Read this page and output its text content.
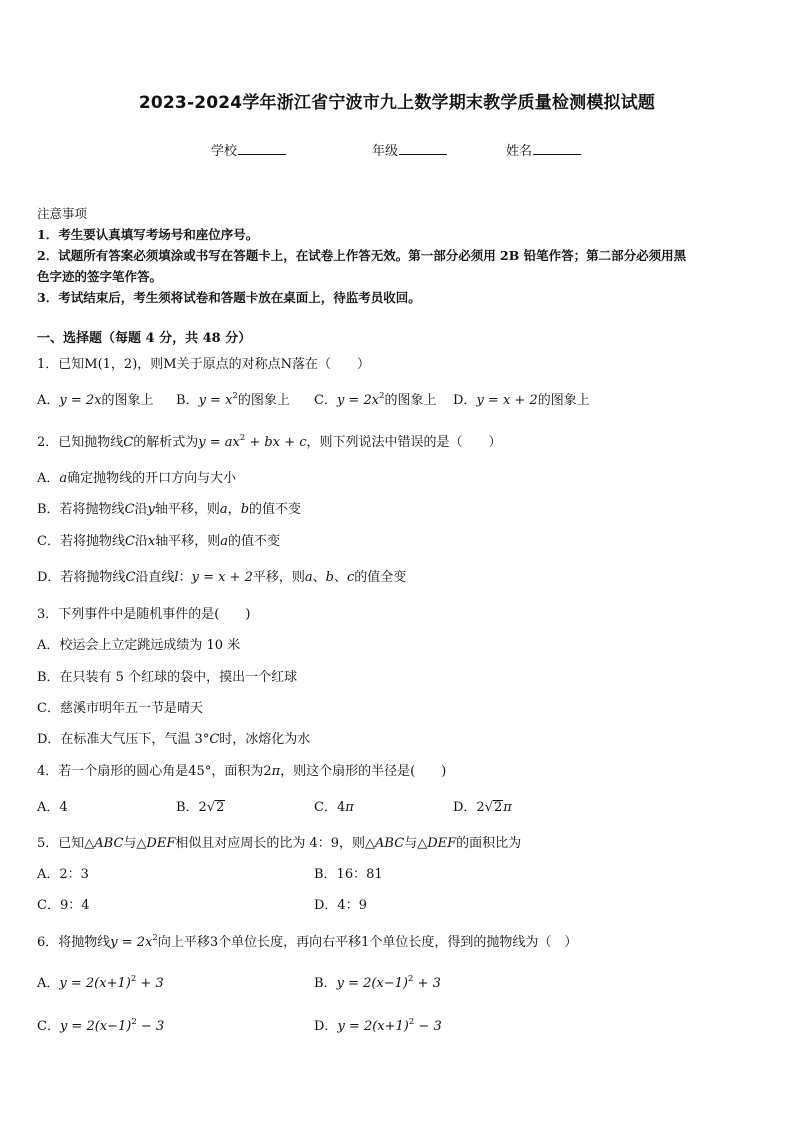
2023-2024学年浙江省宁波市九上数学期末教学质量检测模拟试题
学校	年级	姓名
注意事项
1．考生要认真填写考场号和座位序号。
2．试题所有答案必须填涂或书写在答题卡上，在试卷上作答无效。第一部分必须用 2B 铅笔作答；第二部分必须用黑
色字迹的签字笔作答。
3．考试结束后，考生须将试卷和答题卡放在桌面上，待监考员收回。
一、选择题（每题 4 分，共 48 分）
1．已知M(1，2)，则M关于原点的对称点N落在（　　）
A．y = 2x的图象上 B．$y = x^2$的图象上 C．$y = 2x^2$的图象上 D．y = x + 2的图象上
2．已知抛物线C的解析式为$y = ax^2$ + bx + c，则下列说法中错误的是（　　）
A．a确定抛物线的开口方向与大小
B．若将抛物线C沿y轴平移，则a，b的值不变
C．若将抛物线C沿x轴平移，则a的值不变
D．若将抛物线C沿直线l：y = x + 2平移，则a、b、c的值全变
3．下列事件中是随机事件的是(　　)
A．校运会上立定跳远成绩为 10 米
B．在只装有 5 个红球的袋中，摸出一个红球
C．慈溪市明年五一节是晴天
D．在标准大气压下，气温 3°C时，冰熔化为水
4．若一个扇形的圆心角是45°，面积为2π，则这个扇形的半径是(　　)
A．4	B．2√2	C．4π	D．2√2π
5．已知△ABC与△DEF相似且对应周长的比为 4：9，则△ABC与△DEF的面积比为
A．2：3	B．16：81
C．9：4	D．4：9
6．将抛物线$y = 2x^2$向上平移3个单位长度，再向右平移1个单位长度，得到的抛物线为（　）
A．$y = 2(x+1)^2 + 3$	B．$y = 2(x-1)^2 + 3$
C．$y = 2(x-1)^2 - 3$	D．$y = 2(x+1)^2 - 3$
